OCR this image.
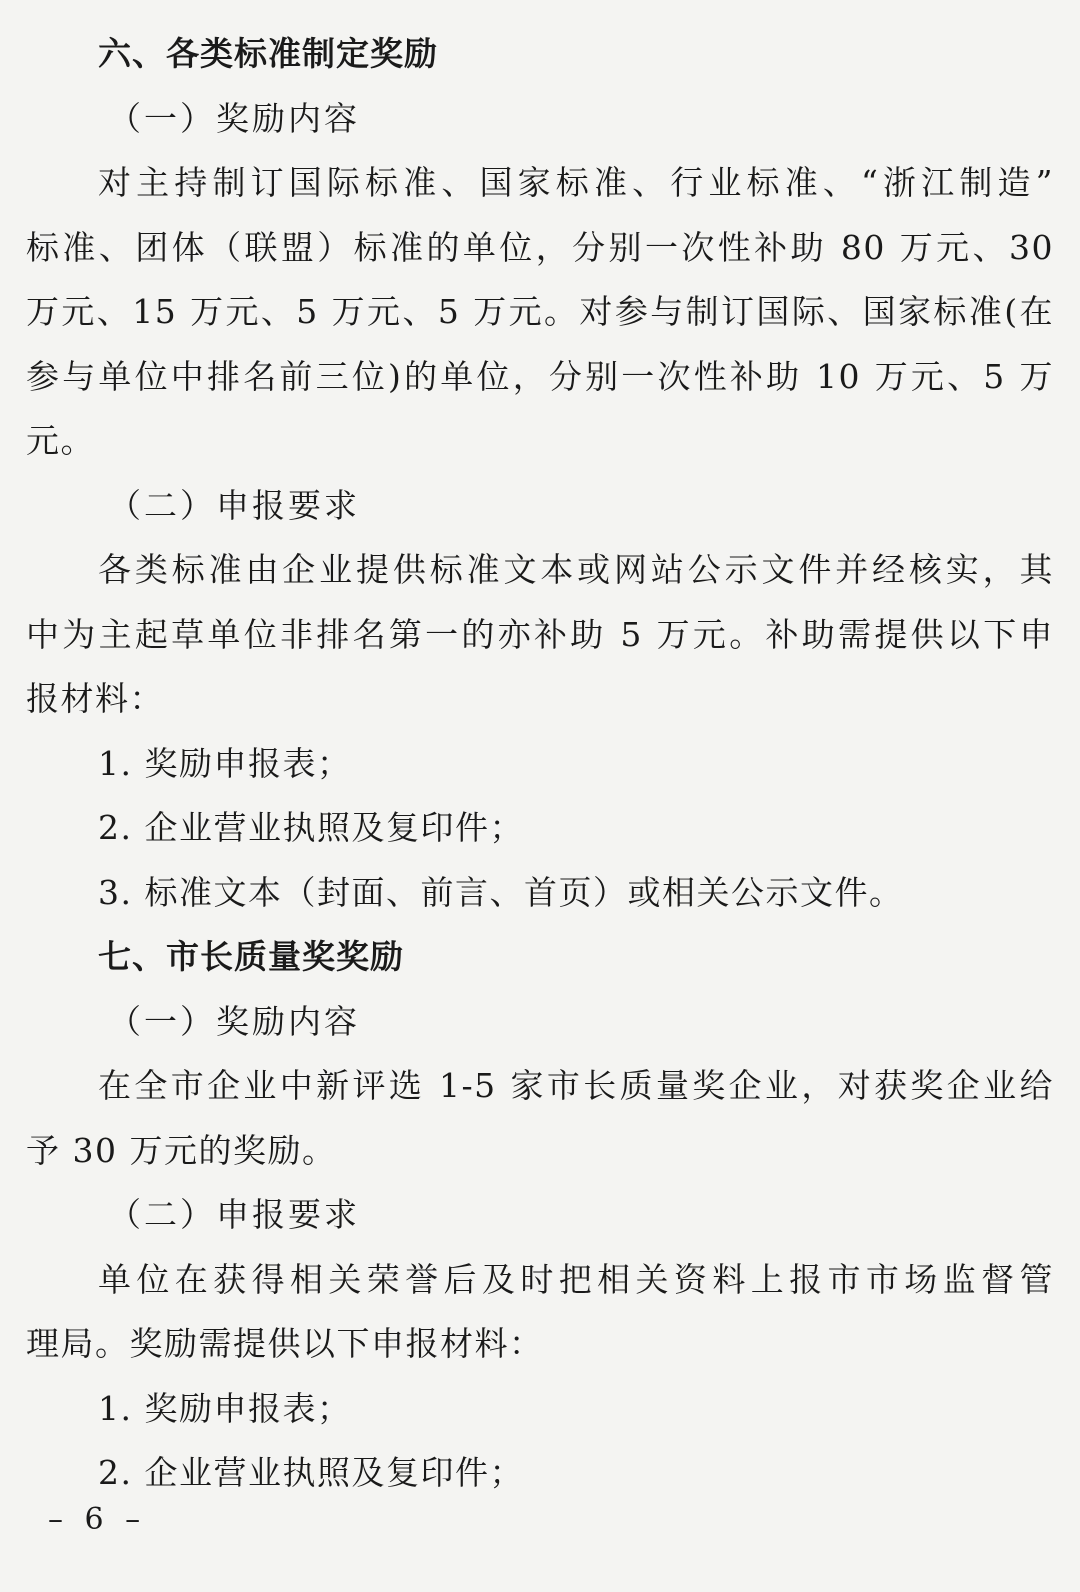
六、各类标准制定奖励
（一）奖励内容
对主持制订国际标准、国家标准、行业标准、“浙江制造”
标准、团体（联盟）标准的单位，分别一次性补助 80 万元、30
万元、15 万元、5 万元、5 万元。对参与制订国际、国家标准(在
参与单位中排名前三位)的单位，分别一次性补助 10 万元、5 万
元。
（二）申报要求
各类标准由企业提供标准文本或网站公示文件并经核实，其
中为主起草单位非排名第一的亦补助 5 万元。补助需提供以下申
报材料：
1. 奖励申报表；
2. 企业营业执照及复印件；
3. 标准文本（封面、前言、首页）或相关公示文件。
七、市长质量奖奖励
（一）奖励内容
在全市企业中新评选 1-5 家市长质量奖企业，对获奖企业给
予 30 万元的奖励。
（二）申报要求
单位在获得相关荣誉后及时把相关资料上报市市场监督管
理局。奖励需提供以下申报材料：
1. 奖励申报表；
2. 企业营业执照及复印件；
– 6 –
